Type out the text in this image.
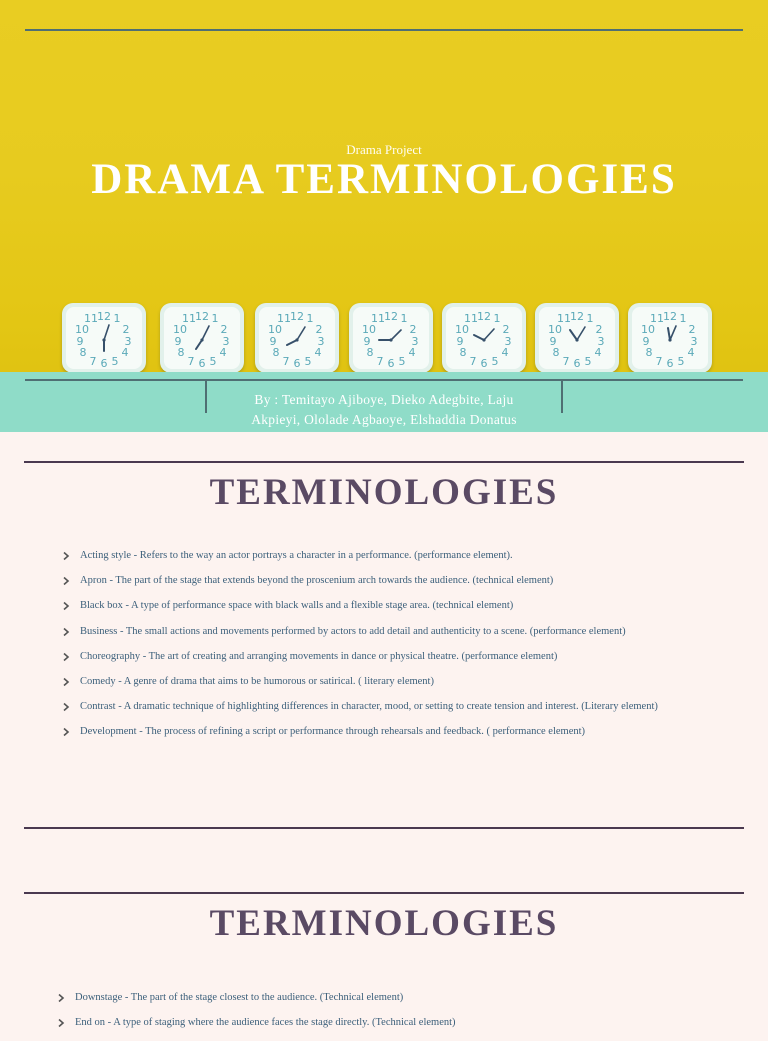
Drama Project
DRAMA TERMINOLOGIES
12 1
2
3
4
5
6
7
8
9
10
11	12 1
2
3
4
5
6
7
8
9
10
11	12 1
2
3
4
5
6
7
8
9
10
11	12 1
2
3
4
5
6
7
8
9
10
11	12 1
2
3
4
5
6
7
8
9
10
11	12 1
2
3
4
5
6
7
8
9
10
11	12 1
2
3
4
5
6
7
8
9
10
11
By : Temitayo Ajiboye, Dieko Adegbite, Laju
Akpieyi, Ololade Agbaoye, Elshaddia Donatus
TERMINOLOGIES
Acting style - Refers to the way an actor portrays a character in a performance. (performance element).
Apron - The part of the stage that extends beyond the proscenium arch towards the audience. (technical element)
Black box - A type of performance space with black walls and a flexible stage area. (technical element)
Business - The small actions and movements performed by actors to add detail and authenticity to a scene. (performance element)
Choreography - The art of creating and arranging movements in dance or physical theatre. (performance element)
Comedy - A genre of drama that aims to be humorous or satirical. ( literary element)
Contrast - A dramatic technique of highlighting differences in character, mood, or setting to create tension and interest. (Literary element)
Development - The process of refining a script or performance through rehearsals and feedback. ( performance element)
TERMINOLOGIES
Downstage - The part of the stage closest to the audience. (Technical element)
End on - A type of staging where the audience faces the stage directly. (Technical element)
